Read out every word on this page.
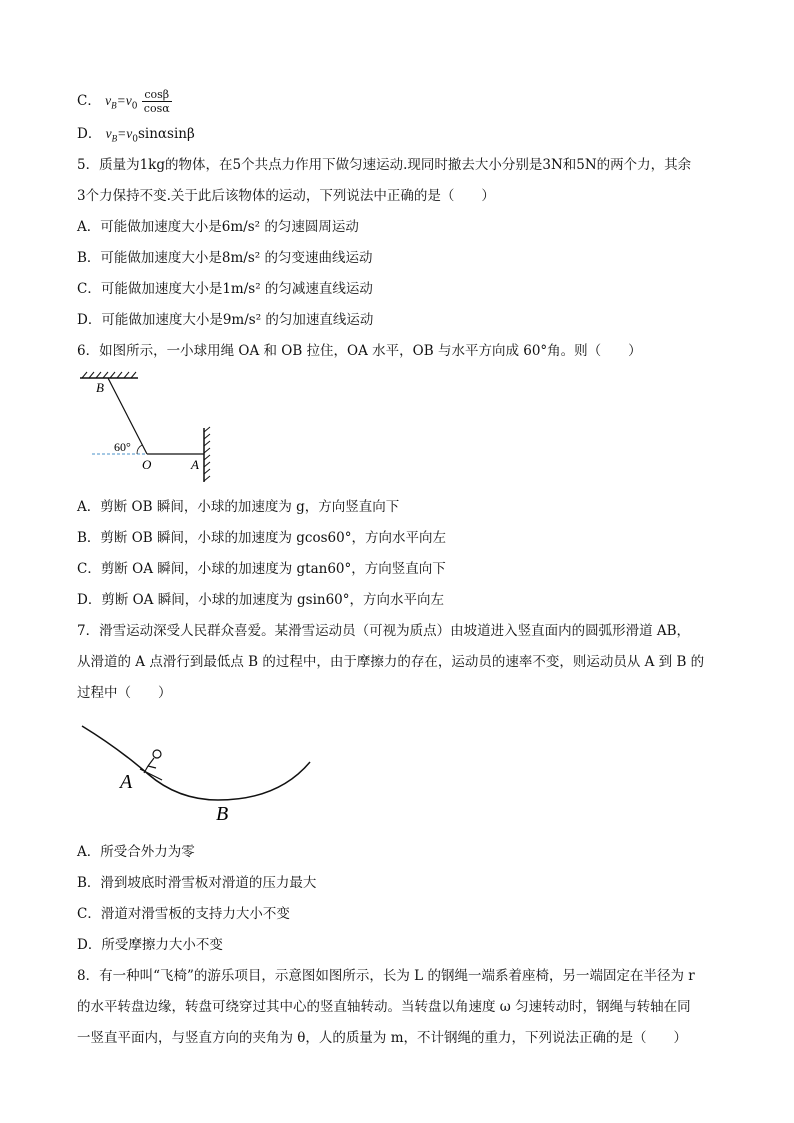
C． $v_B=v_0 \frac{\cos\beta}{\cos\alpha}$
D． $v_B=v_0\sin\alpha\sin\beta$
5．质量为1kg的物体，在5个共点力作用下做匀速运动.现同时撤去大小分别是3N和5N的两个力，其余
3个力保持不变.关于此后该物体的运动，下列说法中正确的是（　　）
A．可能做加速度大小是6m/s² 的匀速圆周运动
B．可能做加速度大小是8m/s² 的匀变速曲线运动
C．可能做加速度大小是1m/s² 的匀减速直线运动
D．可能做加速度大小是9m/s² 的匀加速直线运动
6．如图所示，一小球用绳 OA 和 OB 拉住，OA 水平，OB 与水平方向成 60°角。则（　　）
B
60°
O	A
A．剪断 OB 瞬间，小球的加速度为 g，方向竖直向下
B．剪断 OB 瞬间，小球的加速度为 gcos60°，方向水平向左
C．剪断 OA 瞬间，小球的加速度为 gtan60°，方向竖直向下
D．剪断 OA 瞬间，小球的加速度为 gsin60°，方向水平向左
7．滑雪运动深受人民群众喜爱。某滑雪运动员（可视为质点）由坡道进入竖直面内的圆弧形滑道 AB，
从滑道的 A 点滑行到最低点 B 的过程中，由于摩擦力的存在，运动员的速率不变，则运动员从 A 到 B 的
过程中（　　）
A
B
A．所受合外力为零
B．滑到坡底时滑雪板对滑道的压力最大
C．滑道对滑雪板的支持力大小不变
D．所受摩擦力大小不变
8．有一种叫“飞椅”的游乐项目，示意图如图所示，长为 L 的钢绳一端系着座椅，另一端固定在半径为 r
的水平转盘边缘，转盘可绕穿过其中心的竖直轴转动。当转盘以角速度 ω 匀速转动时，钢绳与转轴在同
一竖直平面内，与竖直方向的夹角为 θ，人的质量为 m，不计钢绳的重力，下列说法正确的是（　　）
